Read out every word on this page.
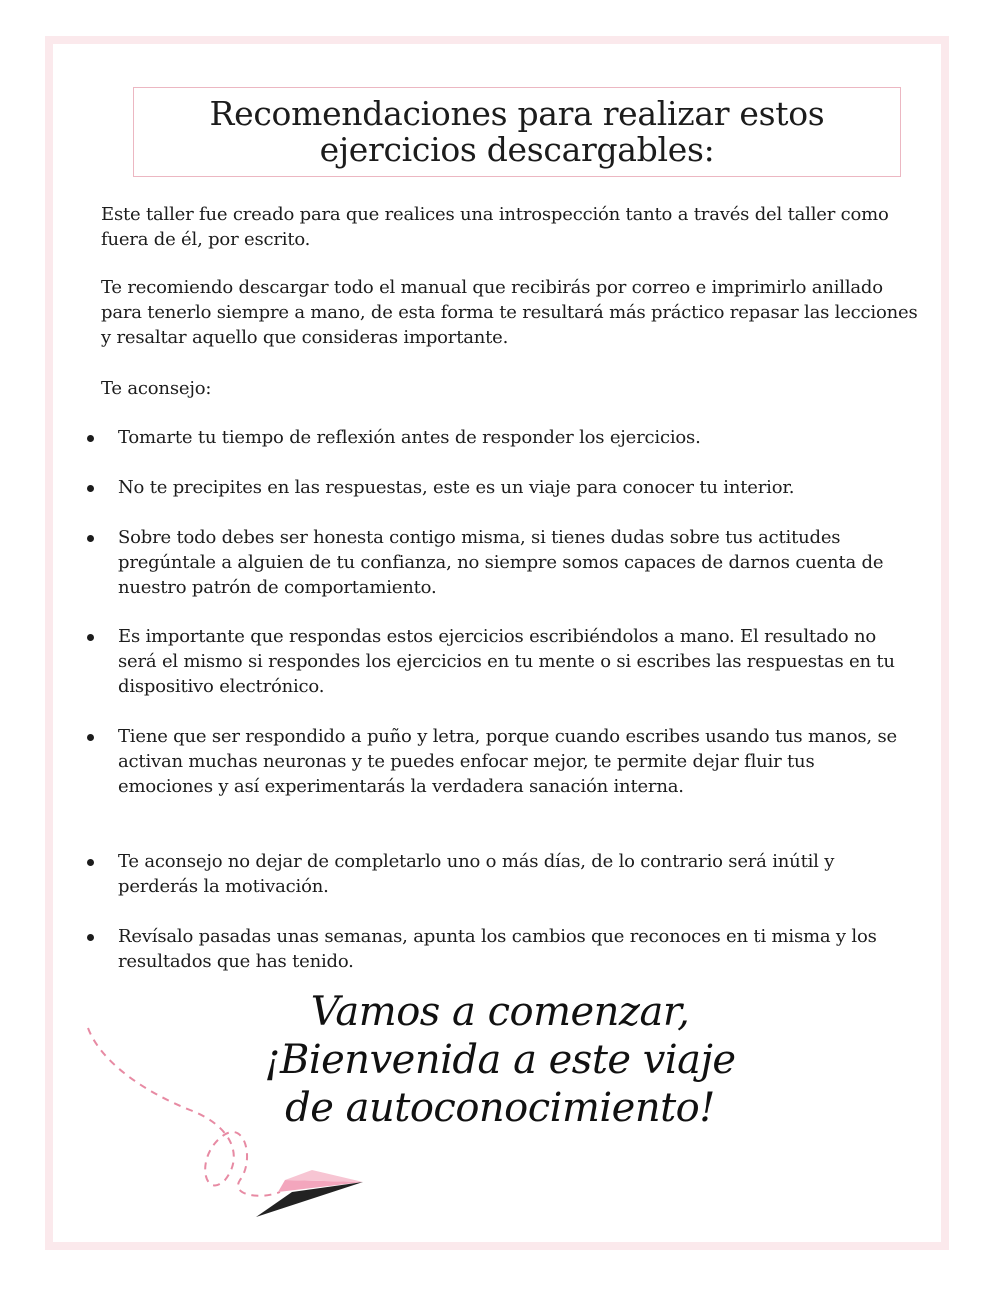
Recomendaciones para realizar estos ejercicios descargables:

Este taller fue creado para que realices una introspección tanto a través del taller como fuera de él, por escrito.

Te recomiendo descargar todo el manual que recibirás por correo e imprimirlo anillado para tenerlo siempre a mano, de esta forma te resultará más práctico repasar las lecciones y resaltar aquello que consideras importante.

Te aconsejo:

Tomarte tu tiempo de reflexión antes de responder los ejercicios.
No te precipites en las respuestas, este es un viaje para conocer tu interior.
Sobre todo debes ser honesta contigo misma, si tienes dudas sobre tus actitudes pregúntale a alguien de tu confianza, no siempre somos capaces de darnos cuenta de nuestro patrón de comportamiento.
Es importante que respondas estos ejercicios escribiéndolos a mano. El resultado no será el mismo si respondes los ejercicios en tu mente o si escribes las respuestas en tu dispositivo electrónico.
Tiene que ser respondido a puño y letra, porque cuando escribes usando tus manos, se activan muchas neuronas y te puedes enfocar mejor, te permite dejar fluir tus emociones y así experimentarás la verdadera sanación interna.
Te aconsejo no dejar de completarlo uno o más días, de lo contrario será inútil y perderás la motivación.
Revísalo pasadas unas semanas, apunta los cambios que reconoces en ti misma y los resultados que has tenido.
Vamos a comenzar,
¡Bienvenida a este viaje
de autoconocimiento!
